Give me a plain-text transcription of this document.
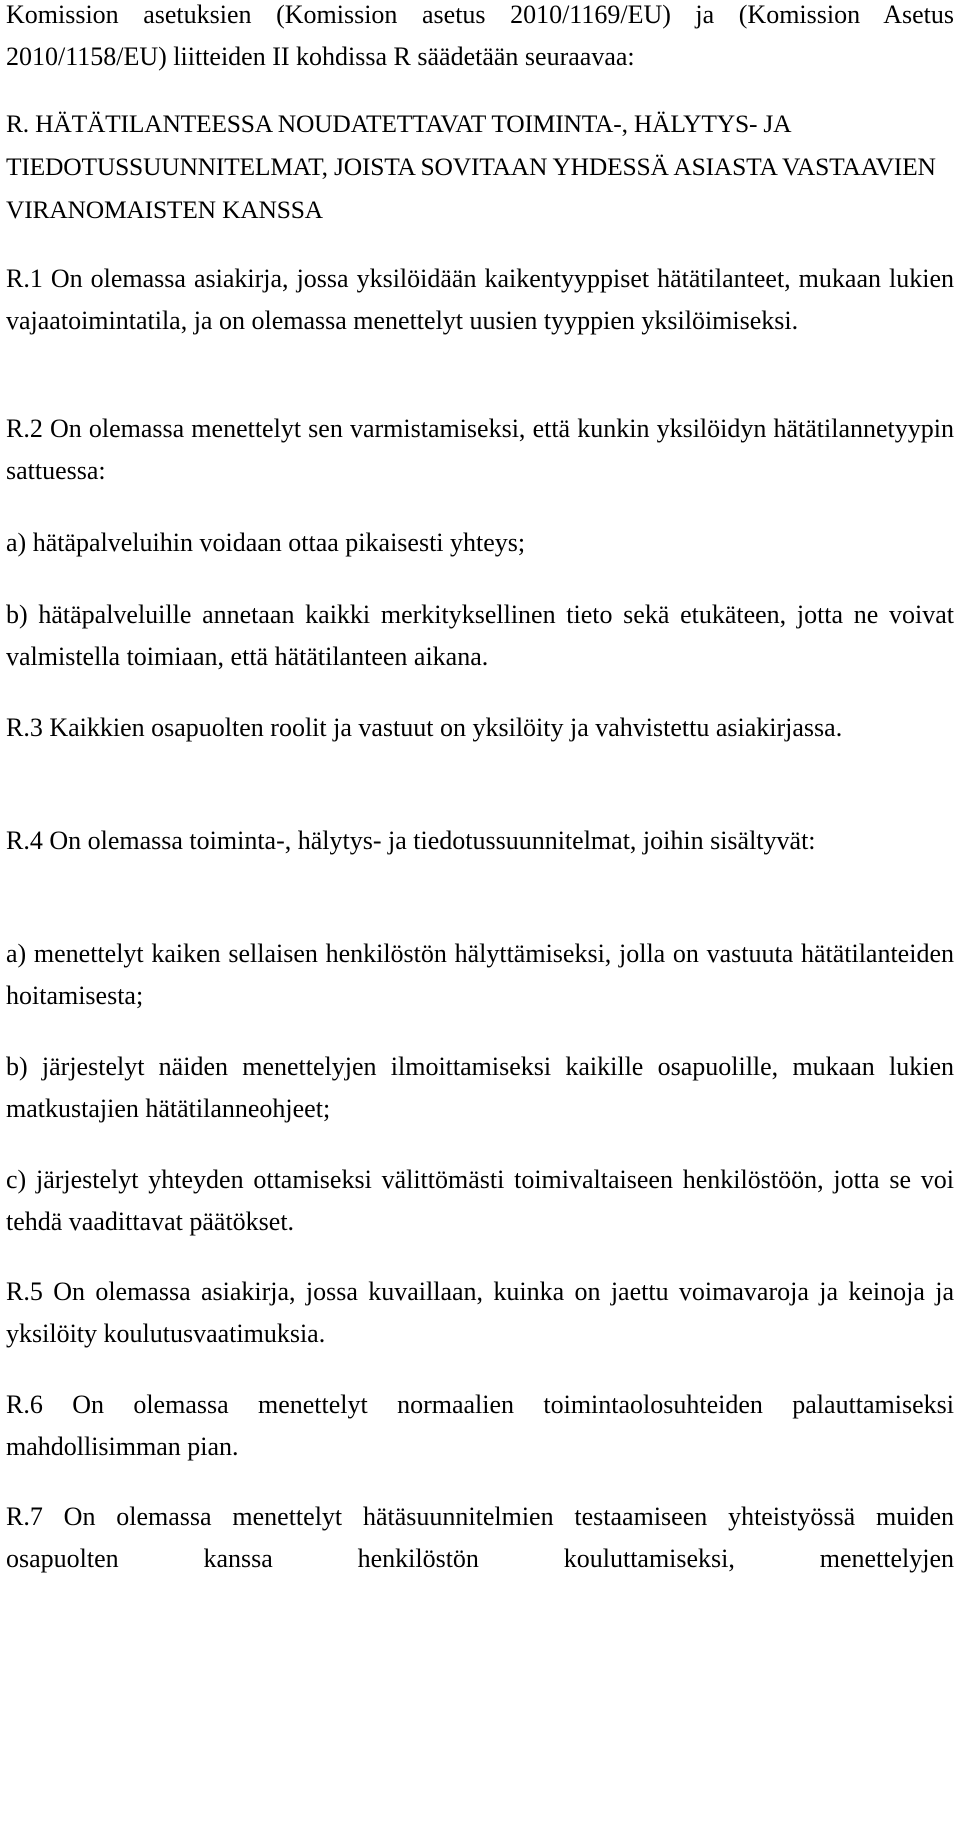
Komission asetuksien (Komission asetus 2010/1169/EU) ja (Komission Asetus 2010/1158/EU) liitteiden II kohdissa R säädetään seuraavaa:

R. HÄTÄTILANTEESSA NOUDATETTAVAT TOIMINTA-, HÄLYTYS- JA TIEDOTUSSUUNNITELMAT, JOISTA SOVITAAN YHDESSÄ ASIASTA VASTAAVIEN VIRANOMAISTEN KANSSA

R.1 On olemassa asiakirja, jossa yksilöidään kaikentyyppiset hätätilanteet, mukaan lukien vajaatoimintatila, ja on olemassa menettelyt uusien tyyppien yksilöimiseksi.

R.2 On olemassa menettelyt sen varmistamiseksi, että kunkin yksilöidyn hätätilannetyypin sattuessa:

a) hätäpalveluihin voidaan ottaa pikaisesti yhteys;

b) hätäpalveluille annetaan kaikki merkityksellinen tieto sekä etukäteen, jotta ne voivat valmistella toimiaan, että hätätilanteen aikana.

R.3 Kaikkien osapuolten roolit ja vastuut on yksilöity ja vahvistettu asiakirjassa.

R.4 On olemassa toiminta-, hälytys- ja tiedotussuunnitelmat, joihin sisältyvät:

a) menettelyt kaiken sellaisen henkilöstön hälyttämiseksi, jolla on vastuuta hätätilanteiden hoitamisesta;

b) järjestelyt näiden menettelyjen ilmoittamiseksi kaikille osapuolille, mukaan lukien matkustajien hätätilanneohjeet;

c) järjestelyt yhteyden ottamiseksi välittömästi toimivaltaiseen henkilöstöön, jotta se voi tehdä vaadittavat päätökset.

R.5 On olemassa asiakirja, jossa kuvaillaan, kuinka on jaettu voimavaroja ja keinoja ja yksilöity koulutusvaatimuksia.

R.6 On olemassa menettelyt normaalien toimintaolosuhteiden palauttamiseksi mahdollisimman pian.

R.7 On olemassa menettelyt hätäsuunnitelmien testaamiseen yhteistyössä muiden osapuolten kanssa henkilöstön kouluttamiseksi, menettelyjen
